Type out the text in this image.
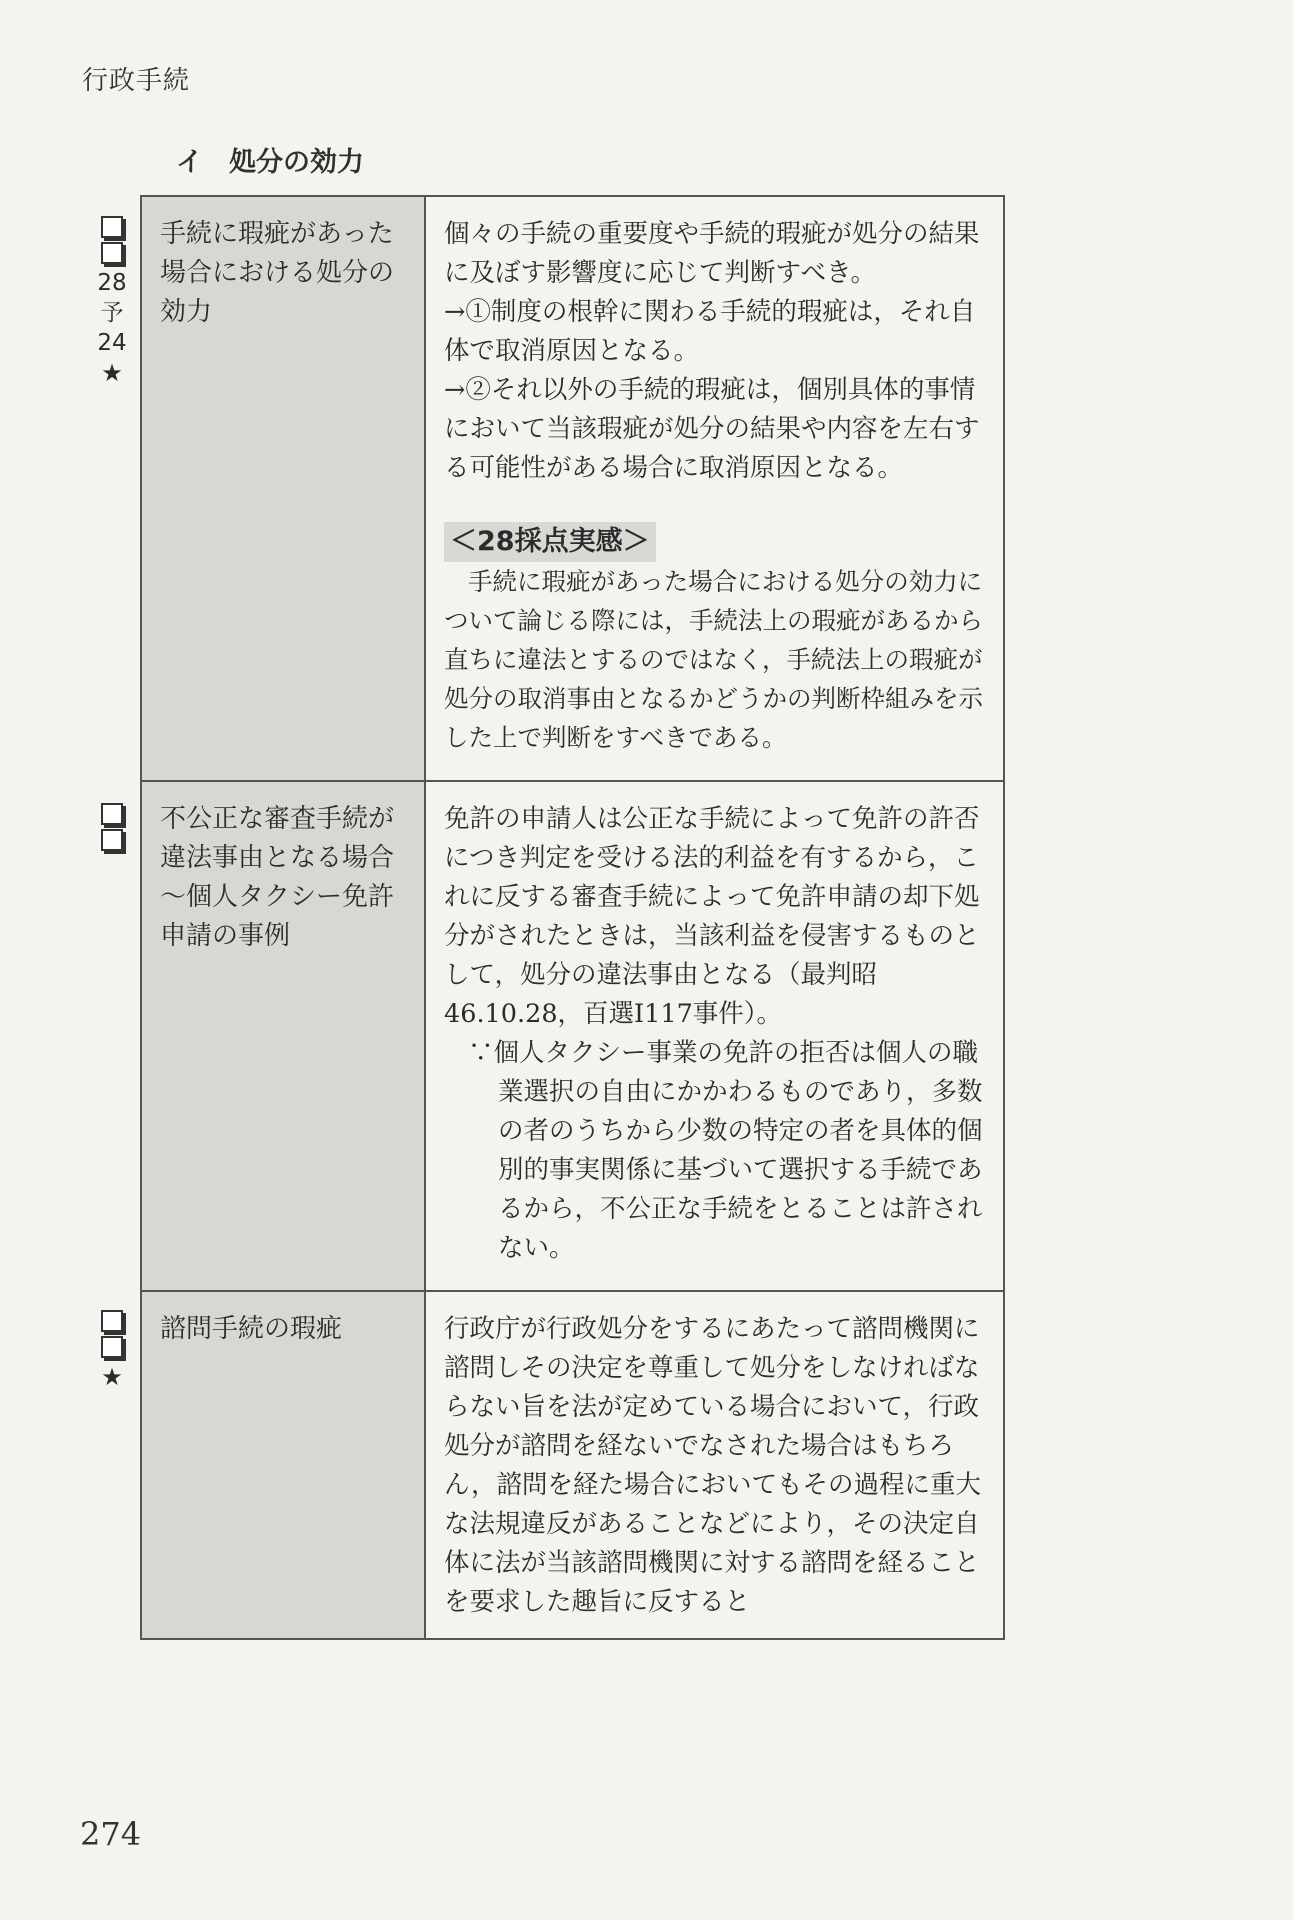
行政手続
イ 処分の効力
28
予
24
★
★
手続に瑕疵があった場合における処分の効力

個々の手続の重要度や手続的瑕疵が処分の結果に及ぼす影響度に応じて判断すべき。

→①制度の根幹に関わる手続的瑕疵は，それ自体で取消原因となる。

→②それ以外の手続的瑕疵は，個別具体的事情において当該瑕疵が処分の結果や内容を左右する可能性がある場合に取消原因となる。

＜28採点実感＞

手続に瑕疵があった場合における処分の効力について論じる際には，手続法上の瑕疵があるから直ちに違法とするのではなく，手続法上の瑕疵が処分の取消事由となるかどうかの判断枠組みを示した上で判断をすべきである。

不公正な審査手続が違法事由となる場合～個人タクシー免許申請の事例

免許の申請人は公正な手続によって免許の許否につき判定を受ける法的利益を有するから，これに反する審査手続によって免許申請の却下処分がされたときは，当該利益を侵害するものとして，処分の違法事由となる（最判昭46.10.28，百選Ⅰ117事件）。

∵個人タクシー事業の免許の拒否は個人の職業選択の自由にかかわるものであり，多数の者のうちから少数の特定の者を具体的個別的事実関係に基づいて選択する手続であるから，不公正な手続をとることは許されない。

諮問手続の瑕疵	行政庁が行政処分をするにあたって諮問機関に諮問しその決定を尊重して処分をしなければならない旨を法が定めている場合において，行政処分が諮問を経ないでなされた場合はもちろん，諮問を経た場合においてもその過程に重大な法規違反があることなどにより，その決定自体に法が当該諮問機関に対する諮問を経ることを要求した趣旨に反すると

274
